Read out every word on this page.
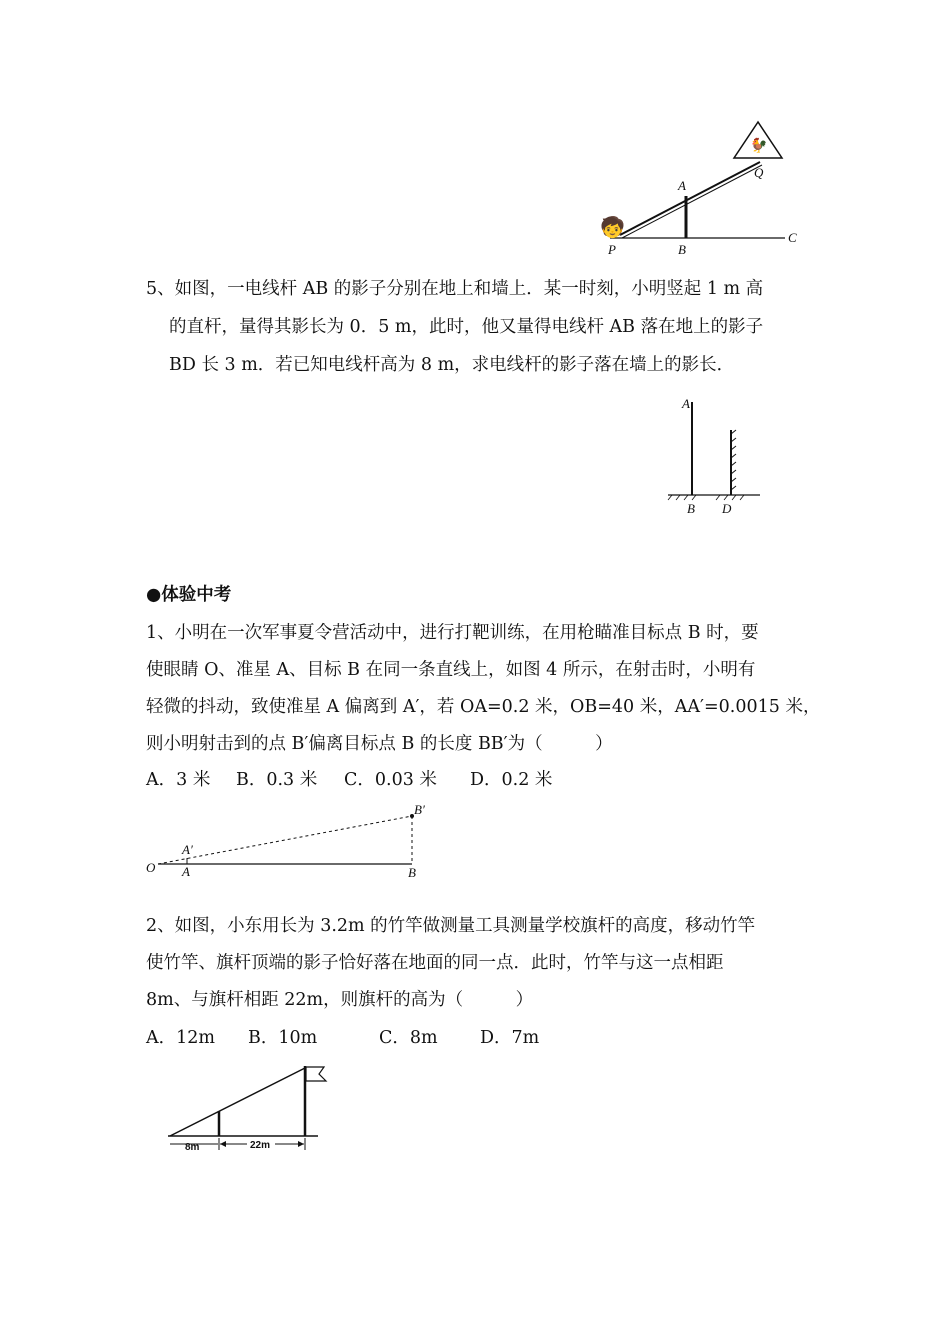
🐓
🧒
A
Q
P	B
C
5、如图，一电线杆 AB 的影子分别在地上和墙上．某一时刻，小明竖起 1 m 高
的直杆，量得其影长为 0．5 m，此时，他又量得电线杆 AB 落在地上的影子
BD 长 3 m．若已知电线杆高为 8 m，求电线杆的影子落在墙上的影长．
A
B D
●体验中考
1、小明在一次军事夏令营活动中，进行打靶训练，在用枪瞄准目标点 B 时，要
使眼睛 O、准星 A、目标 B 在同一条直线上，如图 4 所示，在射击时，小明有
轻微的抖动，致使准星 A 偏离到 A′，若 OA=0.2 米，OB=40 米，AA′=0.0015 米，
则小明射击到的点 B′偏离目标点 B 的长度 BB′为（　　　）
A．3 米 B．0.3 米 C．0.03 米 D．0.2 米
O A
A′
B
B′
2、如图，小东用长为 3.2m 的竹竿做测量工具测量学校旗杆的高度，移动竹竿
使竹竿、旗杆顶端的影子恰好落在地面的同一点．此时，竹竿与这一点相距
8m、与旗杆相距 22m，则旗杆的高为（　　　）
A．12m B．10m	C．8m D．7m
8m	22m
